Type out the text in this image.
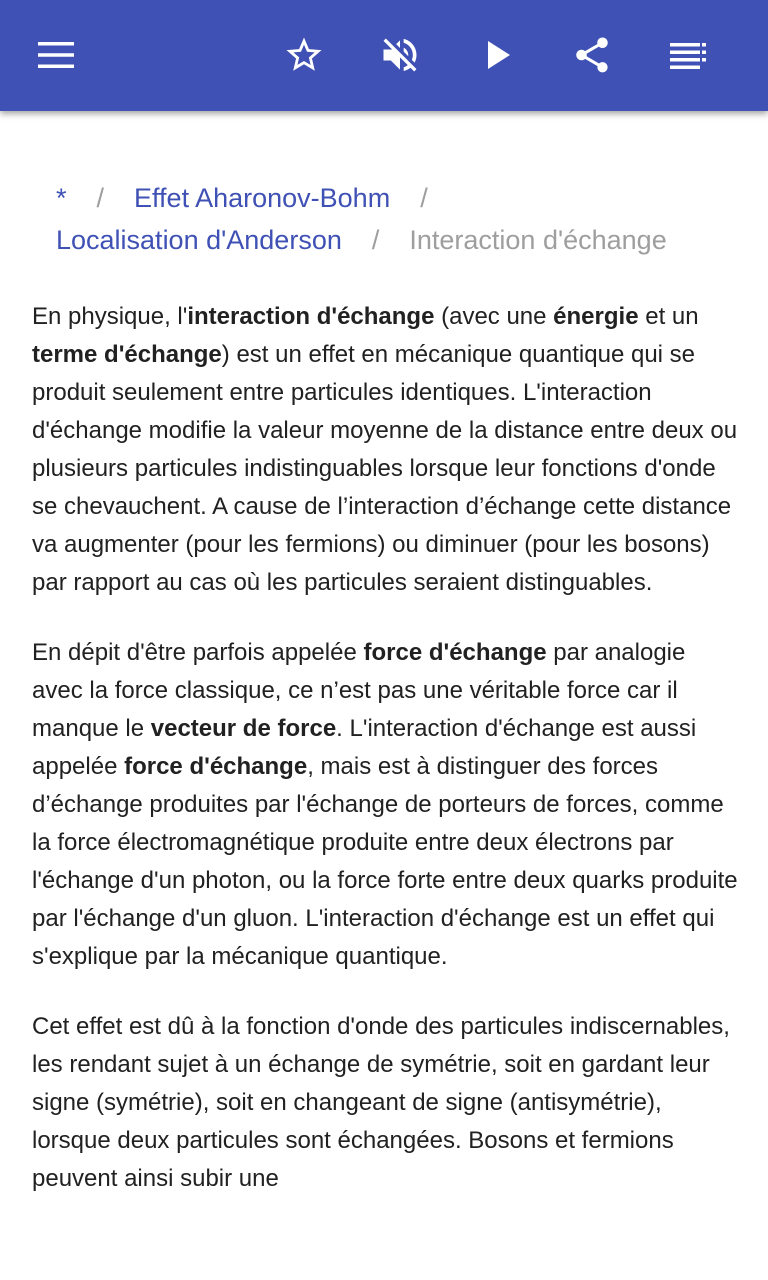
* / Effet Aharonov-Bohm /
Localisation d'Anderson / Interaction d'échange

En physique, l'interaction d'échange (avec une énergie et un terme d'échange) est un effet en mécanique quantique qui se produit seulement entre particules identiques. L'interaction d'échange modifie la valeur moyenne de la distance entre deux ou plusieurs particules indistinguables lorsque leur fonctions d'onde se chevauchent. A cause de l’interaction d’échange cette distance va augmenter (pour les fermions) ou diminuer (pour les bosons) par rapport au cas où les particules seraient distinguables.

En dépit d'être parfois appelée force d'échange par analogie avec la force classique, ce n’est pas une véritable force car il manque le vecteur de force. L'interaction d'échange est aussi appelée force d'échange, mais est à distinguer des forces d’échange produites par l'échange de porteurs de forces, comme la force électromagnétique produite entre deux électrons par l'échange d'un photon, ou la force forte entre deux quarks produite par l'échange d'un gluon. L'interaction d'échange est un effet qui s'explique par la mécanique quantique.

Cet effet est dû à la fonction d'onde des particules indiscernables, les rendant sujet à un échange de symétrie, soit en gardant leur signe (symétrie), soit en changeant de signe (antisymétrie), lorsque deux particules sont échangées. Bosons et fermions peuvent ainsi subir une
